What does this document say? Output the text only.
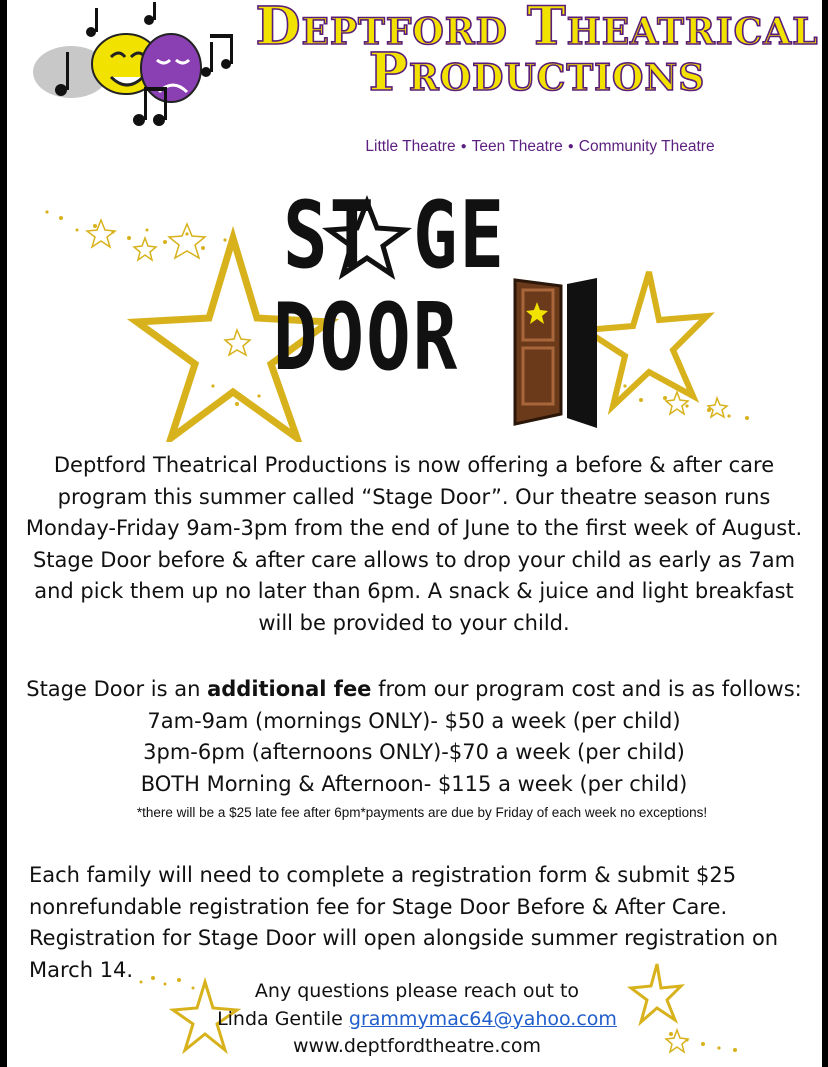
Deptford Theatrical
Productions
Little Theatre ● Teen Theatre ● Community Theatre
ST GE
DOOR
Deptford Theatrical Productions is now offering a before & after care program this summer called “Stage Door”. Our theatre season runs Monday-Friday 9am-3pm from the end of June to the first week of August. Stage Door before & after care allows to drop your child as early as 7am and pick them up no later than 6pm. A snack & juice and light breakfast will be provided to your child.
Stage Door is an additional fee from our program cost and is as follows:
7am-9am (mornings ONLY)- $50 a week (per child)
3pm-6pm (afternoons ONLY)-$70 a week (per child)
BOTH Morning & Afternoon- $115 a week (per child)
*there will be a $25 late fee after 6pm*payments are due by Friday of each week no exceptions!
Each family will need to complete a registration form & submit $25 nonrefundable registration fee for Stage Door Before & After Care. Registration for Stage Door will open alongside summer registration on March 14.
Any questions please reach out to
Linda Gentile grammymac64@yahoo.com
www.deptfordtheatre.com
